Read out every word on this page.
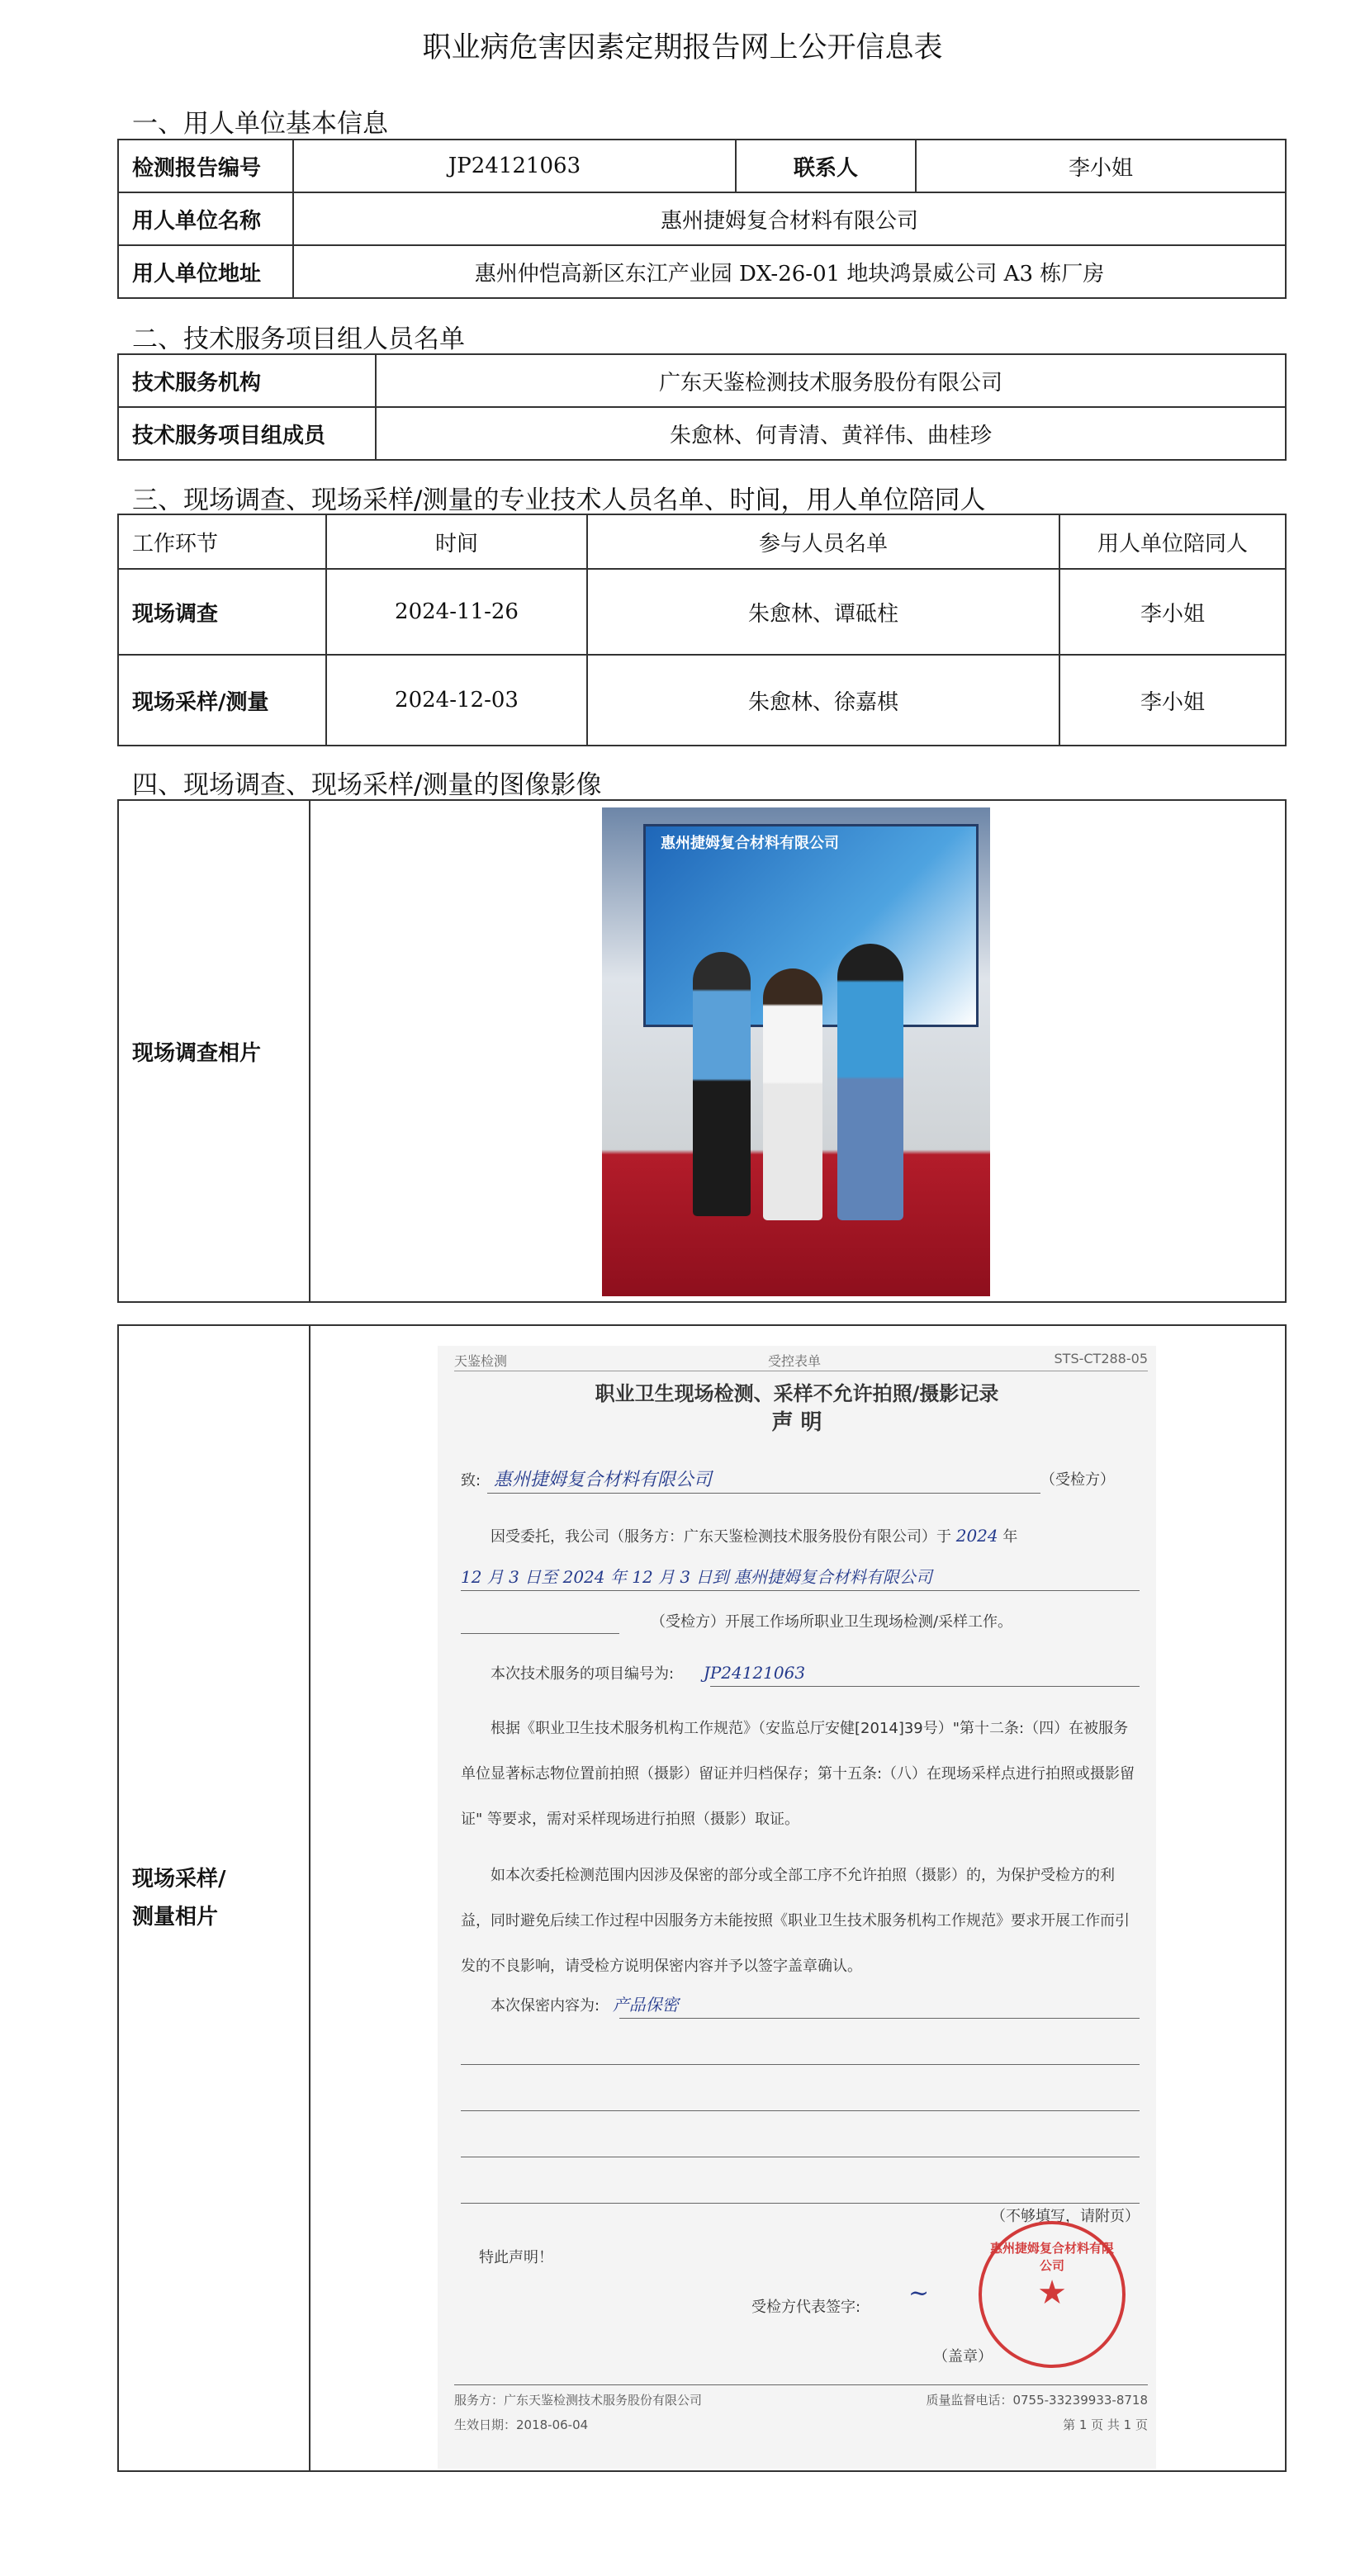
职业病危害因素定期报告网上公开信息表
一、用人单位基本信息
检测报告编号	JP24121063	联系人	李小姐
用人单位名称	惠州捷姆复合材料有限公司		
用人单位地址	惠州仲恺高新区东江产业园 DX-26-01 地块鸿景威公司 A3 栋厂房		
二、技术服务项目组人员名单
技术服务机构	广东天鉴检测技术服务股份有限公司
技术服务项目组成员	朱愈林、何青清、黄祥伟、曲桂珍
三、现场调查、现场采样/测量的专业技术人员名单、时间，用人单位陪同人
工作环节	时间	参与人员名单	用人单位陪同人
现场调查	2024-11-26	朱愈林、谭砥柱	李小姐
现场采样/测量	2024-12-03	朱愈林、徐嘉棋	李小姐
四、现场调查、现场采样/测量的图像影像
现场调查相片	
惠州捷姆复合材料有限公司
现场采样/
测量相片	
天鉴检测	受控表单	STS-CT288-05
职业卫生现场检测、采样不允许拍照/摄影记录
声 明
致: 惠州捷姆复合材料有限公司	（受检方）
因受委托，我公司（服务方：广东天鉴检测技术服务股份有限公司）于 2024 年
12 月 3 日至 2024 年 12 月 3 日到 惠州捷姆复合材料有限公司
（受检方）开展工作场所职业卫生现场检测/采样工作。
本次技术服务的项目编号为: JP24121063
根据《职业卫生技术服务机构工作规范》（安监总厅安健[2014]39号）"第十二条:（四）在被服务单位显著标志物位置前拍照（摄影）留证并归档保存；第十五条:（八）在现场采样点进行拍照或摄影留证" 等要求，需对采样现场进行拍照（摄影）取证。
如本次委托检测范围内因涉及保密的部分或全部工序不允许拍照（摄影）的，为保护受检方的利益，同时避免后续工作过程中因服务方未能按照《职业卫生技术服务机构工作规范》要求开展工作而引发的不良影响，请受检方说明保密内容并予以签字盖章确认。
本次保密内容为: 产品保密
（不够填写，请附页）
特此声明！
受检方代表签字:	~
（盖章）
惠州捷姆复合材料有限公司
★
服务方：广东天鉴检测技术服务股份有限公司	质量监督电话：0755-33239933-8718
生效日期：2018-06-04	第 1 页 共 1 页
